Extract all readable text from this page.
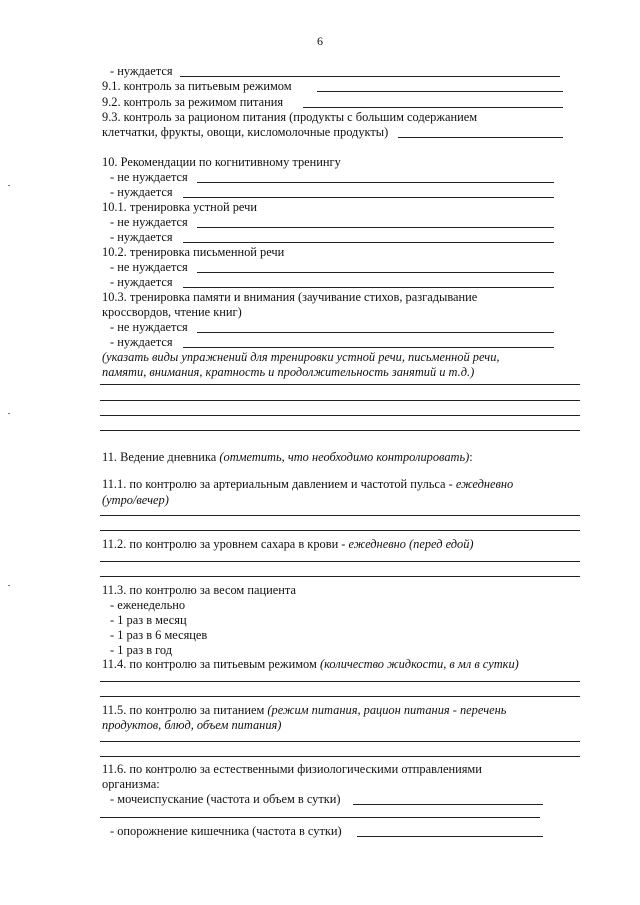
6
- нуждается
9.1. контроль за питьевым режимом
9.2. контроль за режимом питания
9.3. контроль за рационом питания (продукты с большим содержанием
клетчатки, фрукты, овощи, кисломолочные продукты)
10. Рекомендации по когнитивному тренингу
- не нуждается
- нуждается
10.1. тренировка устной речи
- не нуждается
- нуждается
10.2. тренировка письменной речи
- не нуждается
- нуждается
10.3. тренировка памяти и внимания (заучивание стихов, разгадывание
кроссвордов, чтение книг)
- не нуждается
- нуждается
(указать виды упражнений для тренировки устной речи, письменной речи,
памяти, внимания, кратность и продолжительность занятий и т.д.)
11. Ведение дневника (отметить, что необходимо контролировать):
11.1. по контролю за артериальным давлением и частотой пульса - ежедневно
(утро/вечер)
11.2. по контролю за уровнем сахара в крови - ежедневно (перед едой)
11.3. по контролю за весом пациента
- еженедельно
- 1 раз в месяц
- 1 раз в 6 месяцев
- 1 раз в год
11.4. по контролю за питьевым режимом (количество жидкости, в мл в сутки)
11.5. по контролю за питанием (режим питания, рацион питания - перечень
продуктов, блюд, объем питания)
11.6. по контролю за естественными физиологическими отправлениями
организма:
- мочеиспускание (частота и объем в сутки)
- опорожнение кишечника (частота в сутки)
